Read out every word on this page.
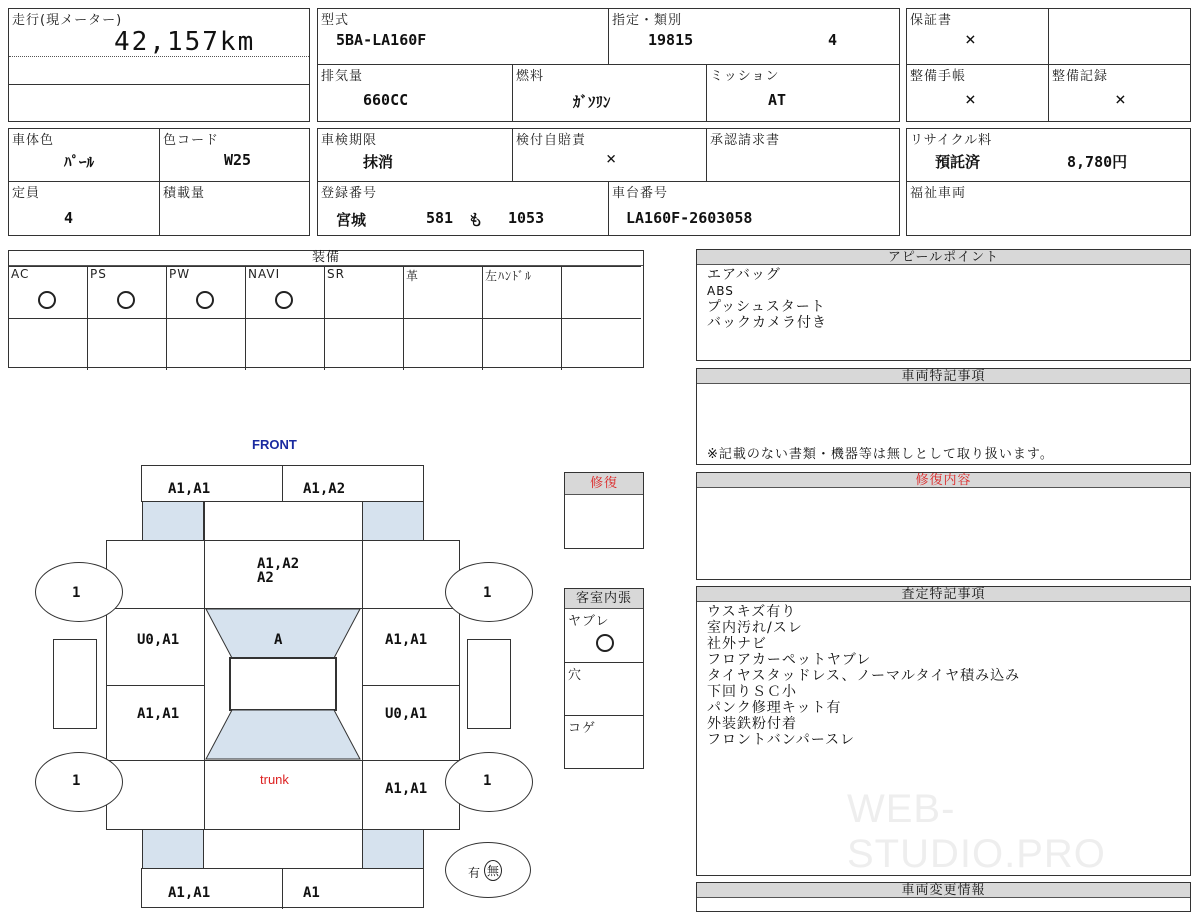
走行(現メーター)
42,157km
型式
5BA-LA160F
指定・類別
19815	4
排気量
660CC
燃料
ｶﾞｿﾘﾝ
ミッション
AT
保証書
×
整備手帳
×
整備記録
×
車体色
ﾊﾟｰﾙ
色コード
W25
定員
4
積載量
車検期限
抹消
検付自賠責
×
承認請求書
登録番号
宮城	581 も 1053
車台番号
LA160F-2603058
リサイクル料
預託済	8,780円
福祉車両
装備
AC	PS	PW	NAVI	SR	革	左ﾊﾝﾄﾞﾙ
アピールポイント
エアバッグ
ABS
プッシュスタート
バックカメラ付き
車両特記事項
※記載のない書類・機器等は無しとして取り扱います。
修復内容
査定特記事項
ウスキズ有り
室内汚れ/スレ
社外ナビ
フロアカーペットヤブレ
タイヤスタッドレス、ノーマルタイヤ積み込み
下回りＳＣ小
パンク修理キット有
外装鉄粉付着
フロントバンパースレ
WEB-STUDIO.PRO
車両変更情報
修復
客室内張
ヤブレ
穴
コゲ
FRONT
A1,A1	A1,A2
A1,A2
A2
A
U0,A1	A1,A1
A1,A1	U0,A1
A1,A1
trunk
1	1
1	1
A1,A1	A1
有 無
